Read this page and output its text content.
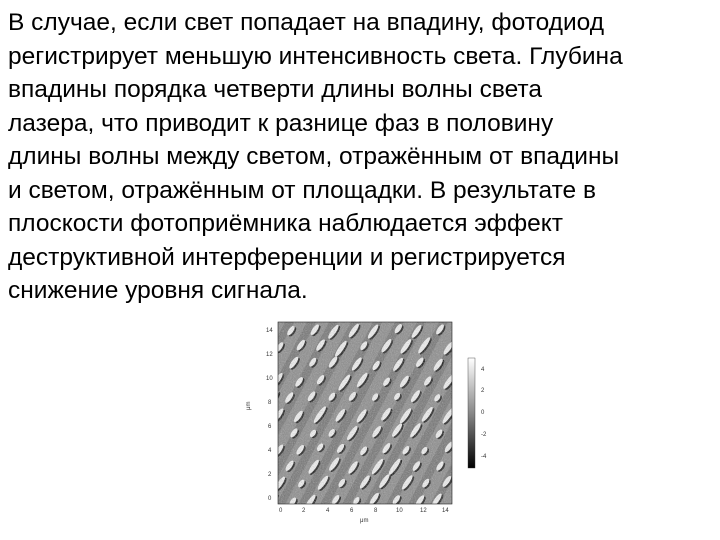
В случае, если свет попадает на впадину, фотодиод
регистрирует меньшую интенсивность света. Глубина
впадины порядка четверти длины волны света
лазера, что приводит к разнице фаз в половину
длины волны между светом, отражённым от впадины
и светом, отражённым от площадки. В результате в
плоскости фотоприёмника наблюдается эффект
деструктивной интерференции и регистрируется
снижение уровня сигнала.

14
12
10
8
6
4
2
0
μm
4
2
0
-2
-4
0	2	4	6	8	10	12	14
μm
